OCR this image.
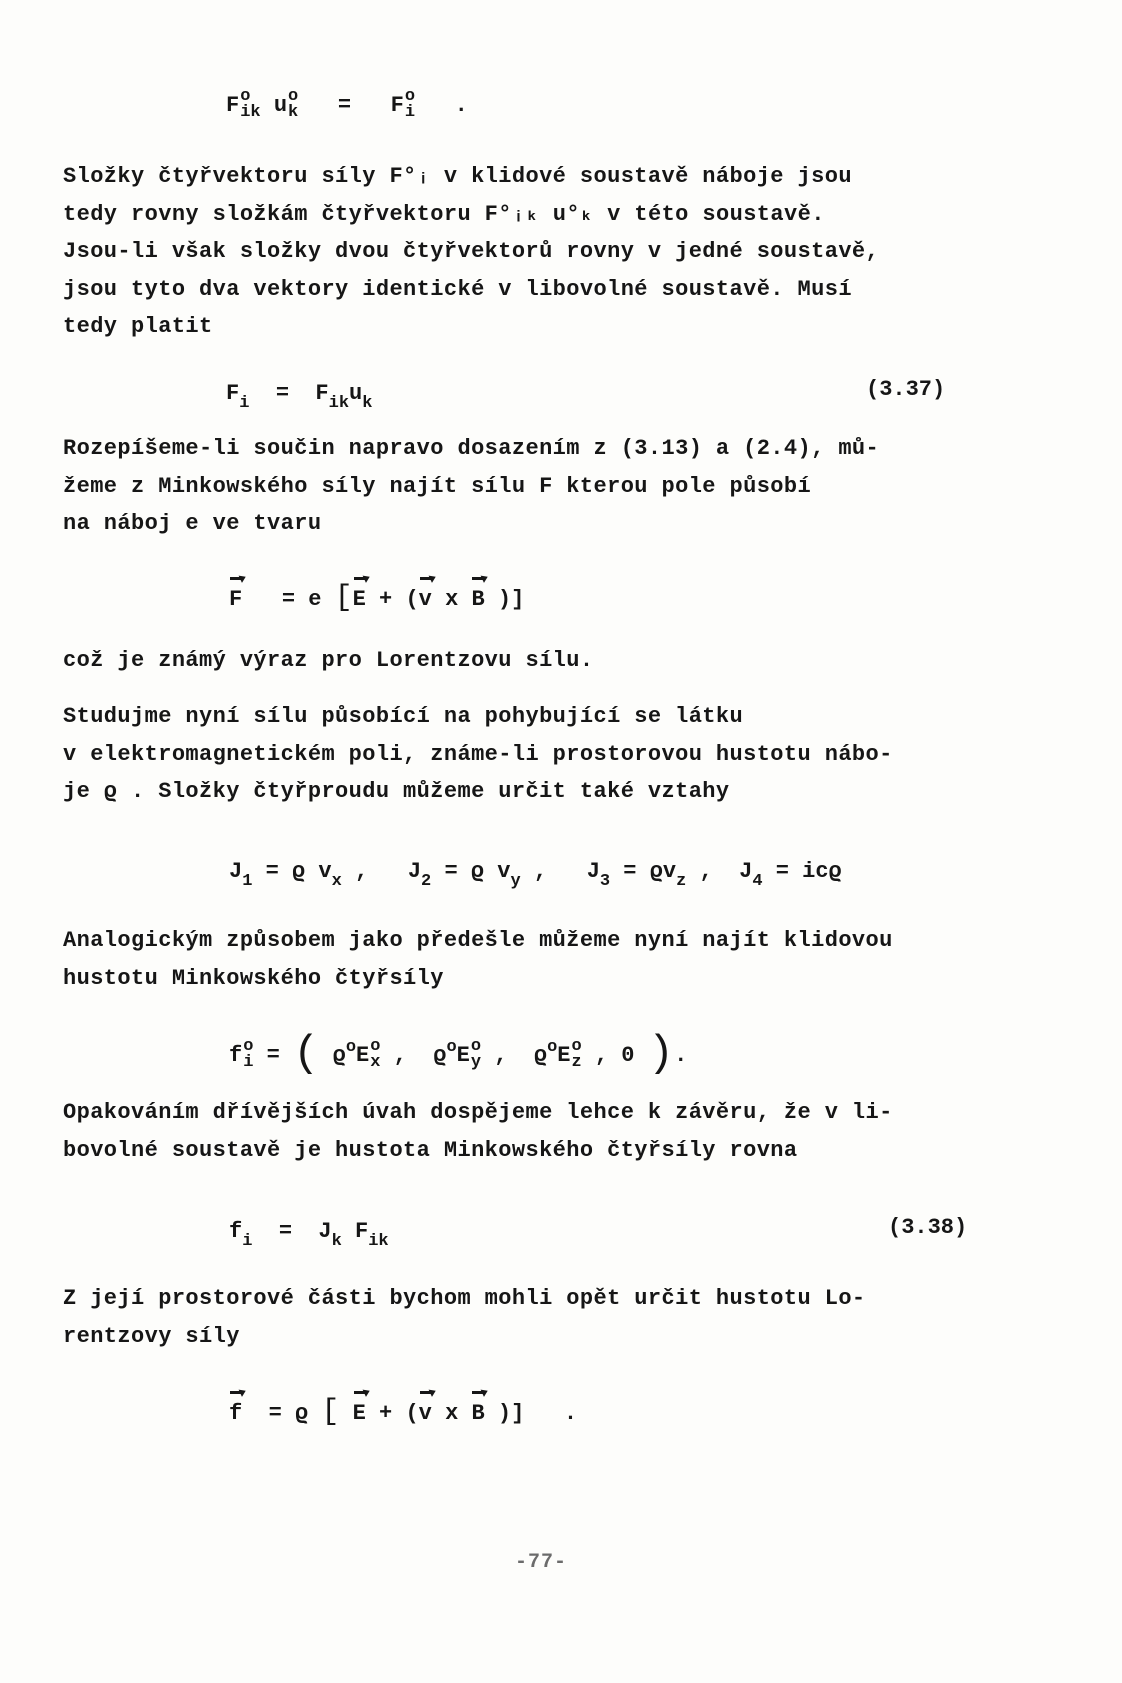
F o
ik u o
k =   F o
i .
Složky čtyřvektoru síly F°ᵢ v klidové soustavě náboje jsou
tedy rovny složkám čtyřvektoru F°ᵢₖ u°ₖ v této soustavě.
Jsou-li však složky dvou čtyřvektorů rovny v jedné soustavě,
jsou tyto dva vektory identické v libovolné soustavě. Musí
tedy platit
$F_i = F_{ik}u_k$
(3.37)
Rozepíšeme-li součin napravo dosazením z (3.13) a (2.4), mů-
žeme z Minkowského síly najít sílu F kterou pole působí
na náboj e ve tvaru
F = e [E + (v x B )]
což je známý výraz pro Lorentzovu sílu.
Studujme nyní sílu působící na pohybující se látku
v elektromagnetickém poli, známe-li prostorovou hustotu nábo-
je ϱ . Složky čtyřproudu můžeme určit také vztahy
$J_1 = ϱ$ $v_x$ , $J_2 = ϱ$ $v_y$ , $J_3 = ϱv_z$ , $J_4 = icϱ$
Analogickým způsobem jako předešle můžeme nyní najít klidovou
hustotu Minkowského čtyřsíly
f o
i = ( $ϱ^oE$ o
x , $ϱ^oE$ o
y , $ϱ^oE$ o
z , 0 ).
Opakováním dřívějších úvah dospějeme lehce k závěru, že v li-
bovolné soustavě je hustota Minkowského čtyřsíly rovna
$f_i = J_k$ $F_{ik}$
(3.38)
Z její prostorové části bychom mohli opět určit hustotu Lo-
rentzovy síly
f = ϱ [ E + (v x B )] .
-77-
